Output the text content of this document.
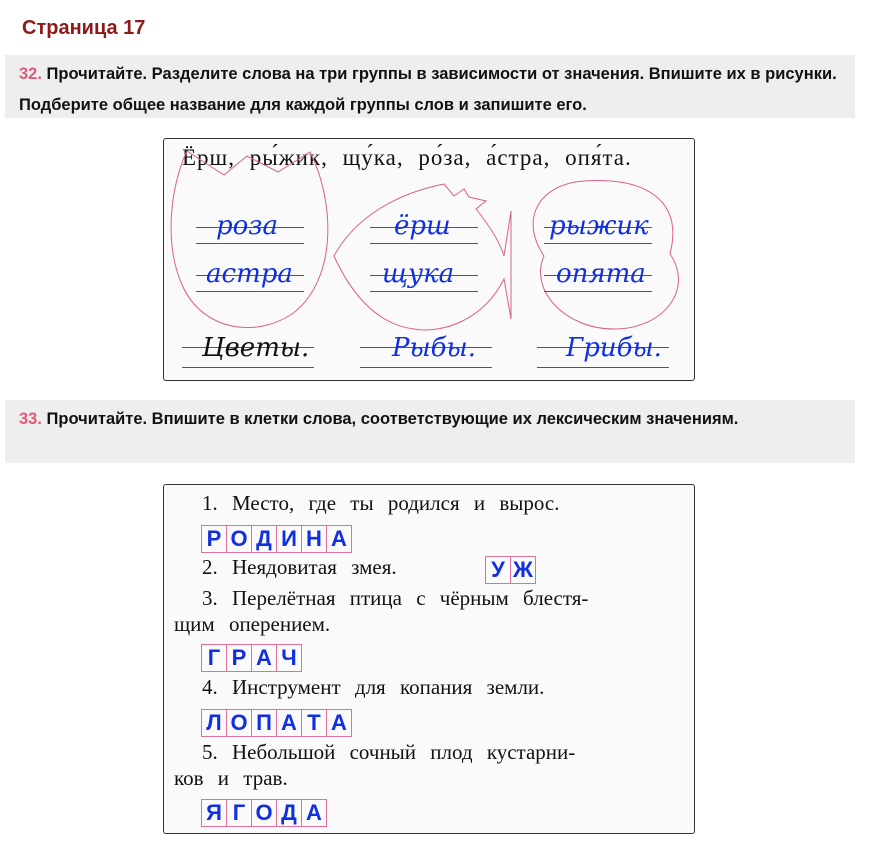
Страница 17
32. Прочитайте. Разделите слова на три группы в зависимости от значения. Впишите их в рисунки. Подберите общее название для каждой группы слов и запишите его.
Ёрш, ры́жик, щу́ка, ро́за, а́стра, опя́та.
роза
астра
Цветы.
ёрш
щука
Рыбы.
рыжик
опята
Грибы.
33. Прочитайте. Впишите в клетки слова, соответствующие их лексическим значениям.
1. Место, где ты родился и вырос.
Р О Д И Н А
2. Неядовитая змея.	У Ж
3. Перелётная птица с чёрным блестя-
щим оперением.
Г Р А Ч
4. Инструмент для копания земли.
Л О П А Т А
5. Небольшой сочный плод кустарни-
ков и трав.
Я Г О Д А
